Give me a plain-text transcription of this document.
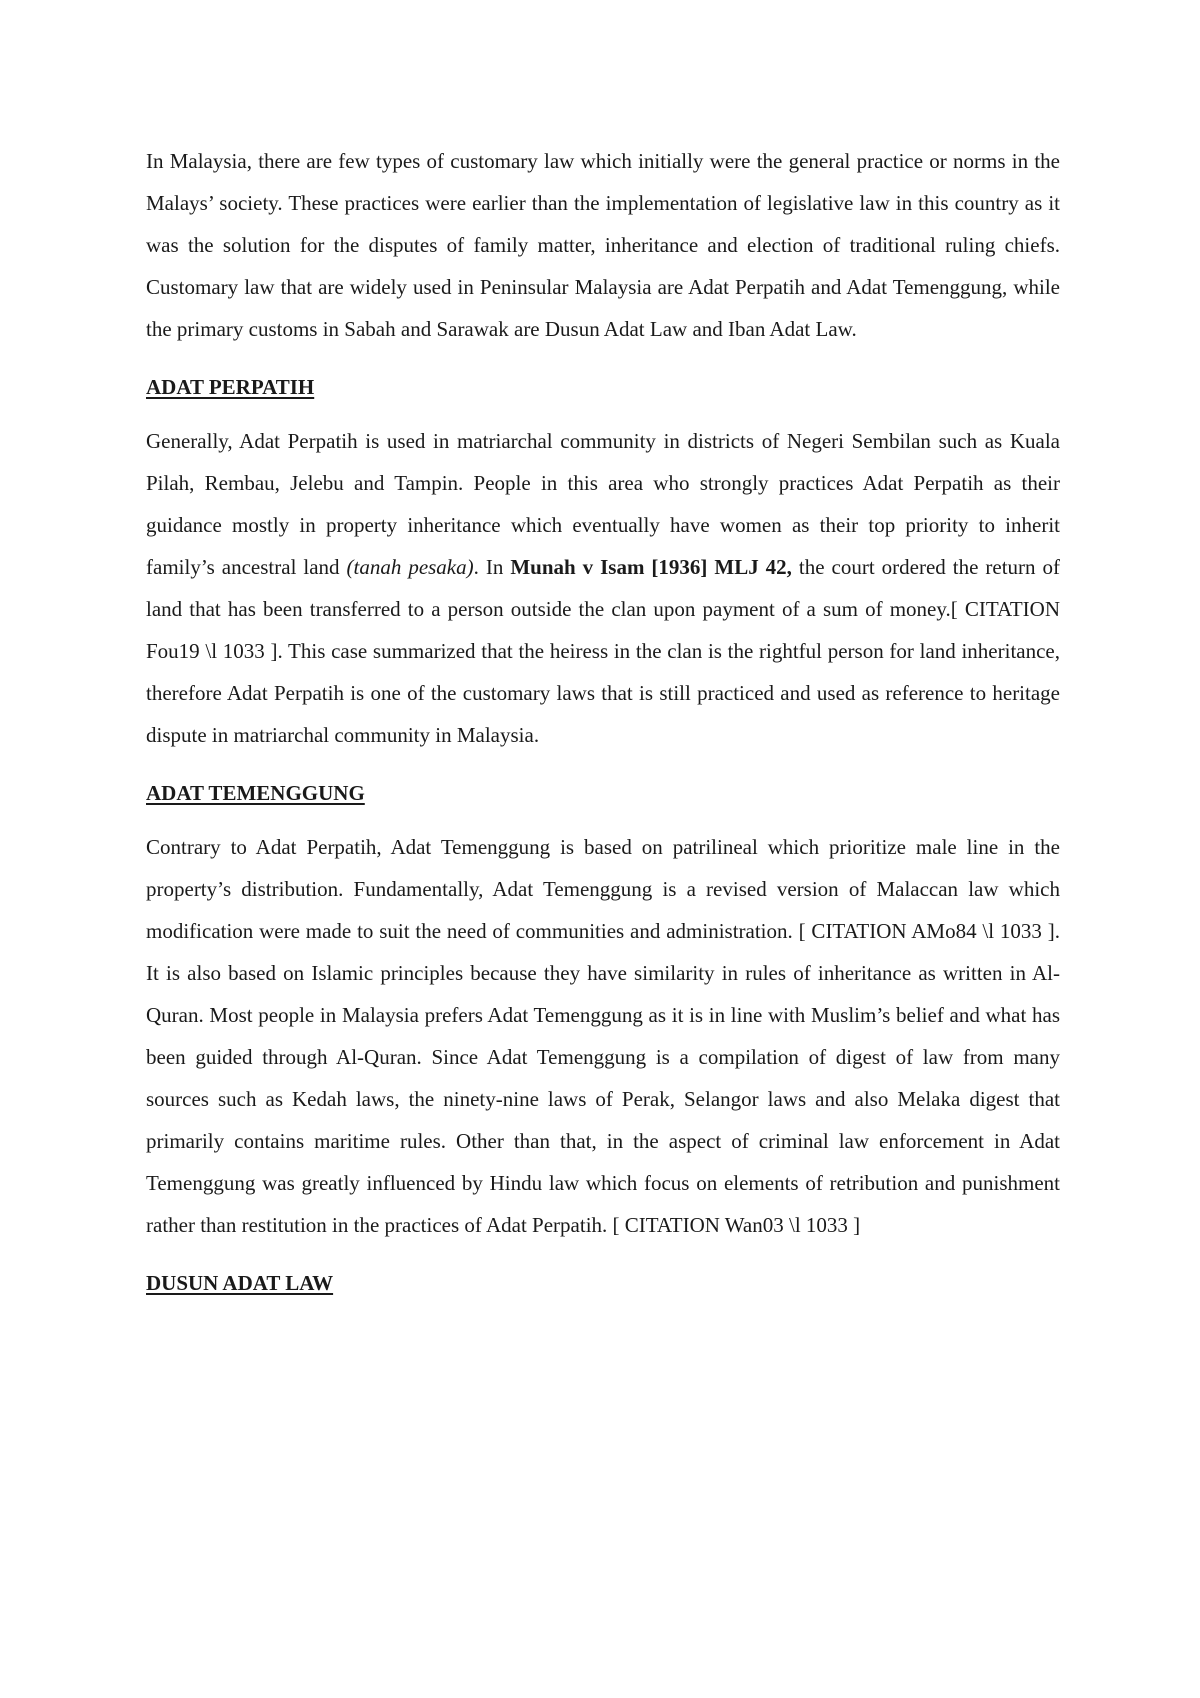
In Malaysia, there are few types of customary law which initially were the general practice or norms in the Malays’ society. These practices were earlier than the implementation of legislative law in this country as it was the solution for the disputes of family matter, inheritance and election of traditional ruling chiefs. Customary law that are widely used in Peninsular Malaysia are Adat Perpatih and Adat Temenggung, while the primary customs in Sabah and Sarawak are Dusun Adat Law and Iban Adat Law.

ADAT PERPATIH

Generally, Adat Perpatih is used in matriarchal community in districts of Negeri Sembilan such as Kuala Pilah, Rembau, Jelebu and Tampin. People in this area who strongly practices Adat Perpatih as their guidance mostly in property inheritance which eventually have women as their top priority to inherit family’s ancestral land (tanah pesaka). In Munah v Isam [1936] MLJ 42, the court ordered the return of land that has been transferred to a person outside the clan upon payment of a sum of money.[ CITATION Fou19 \l 1033 ]. This case summarized that the heiress in the clan is the rightful person for land inheritance, therefore Adat Perpatih is one of the customary laws that is still practiced and used as reference to heritage dispute in matriarchal community in Malaysia.

ADAT TEMENGGUNG

Contrary to Adat Perpatih, Adat Temenggung is based on patrilineal which prioritize male line in the property’s distribution. Fundamentally, Adat Temenggung is a revised version of Malaccan law which modification were made to suit the need of communities and administration. [ CITATION AMo84 \l 1033 ]. It is also based on Islamic principles because they have similarity in rules of inheritance as written in Al-Quran. Most people in Malaysia prefers Adat Temenggung as it is in line with Muslim’s belief and what has been guided through Al-Quran. Since Adat Temenggung is a compilation of digest of law from many sources such as Kedah laws, the ninety-nine laws of Perak, Selangor laws and also Melaka digest that primarily contains maritime rules. Other than that, in the aspect of criminal law enforcement in Adat Temenggung was greatly influenced by Hindu law which focus on elements of retribution and punishment rather than restitution in the practices of Adat Perpatih. [ CITATION Wan03 \l 1033 ]

DUSUN ADAT LAW
